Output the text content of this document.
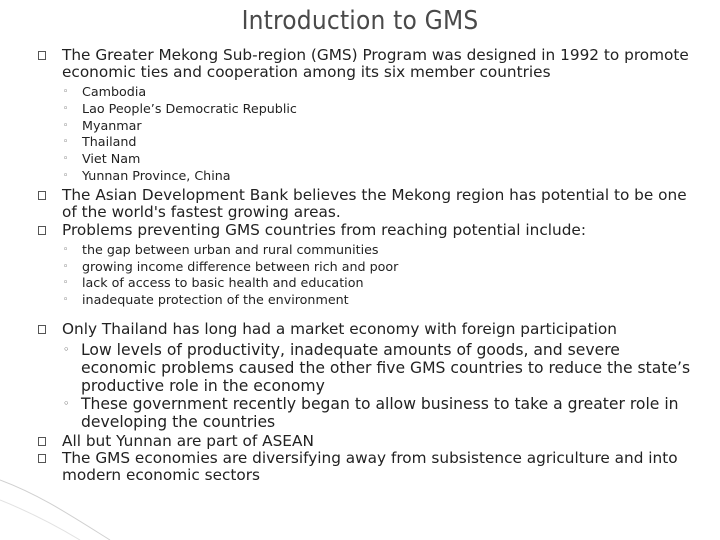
Introduction to GMS
The Greater Mekong Sub-region (GMS) Program was designed in 1992 to promote economic ties and cooperation among its six member countries
◦ Cambodia
◦ Lao People’s Democratic Republic
◦ Myanmar
◦ Thailand
◦ Viet Nam
◦ Yunnan Province, China
The Asian Development Bank believes the Mekong region has potential to be one of the world's fastest growing areas.
Problems preventing GMS countries from reaching potential include:
◦ the gap between urban and rural communities
◦ growing income difference between rich and poor
◦ lack of access to basic health and education
◦ inadequate protection of the environment
Only Thailand has long had a market economy with foreign participation
◦ Low levels of productivity, inadequate amounts of goods, and severe economic problems caused the other five GMS countries to reduce the state’s productive role in the economy
◦ These government recently began to allow business to take a greater role in developing the countries
All but Yunnan are part of ASEAN
The GMS economies are diversifying away from subsistence agriculture and into modern economic sectors
